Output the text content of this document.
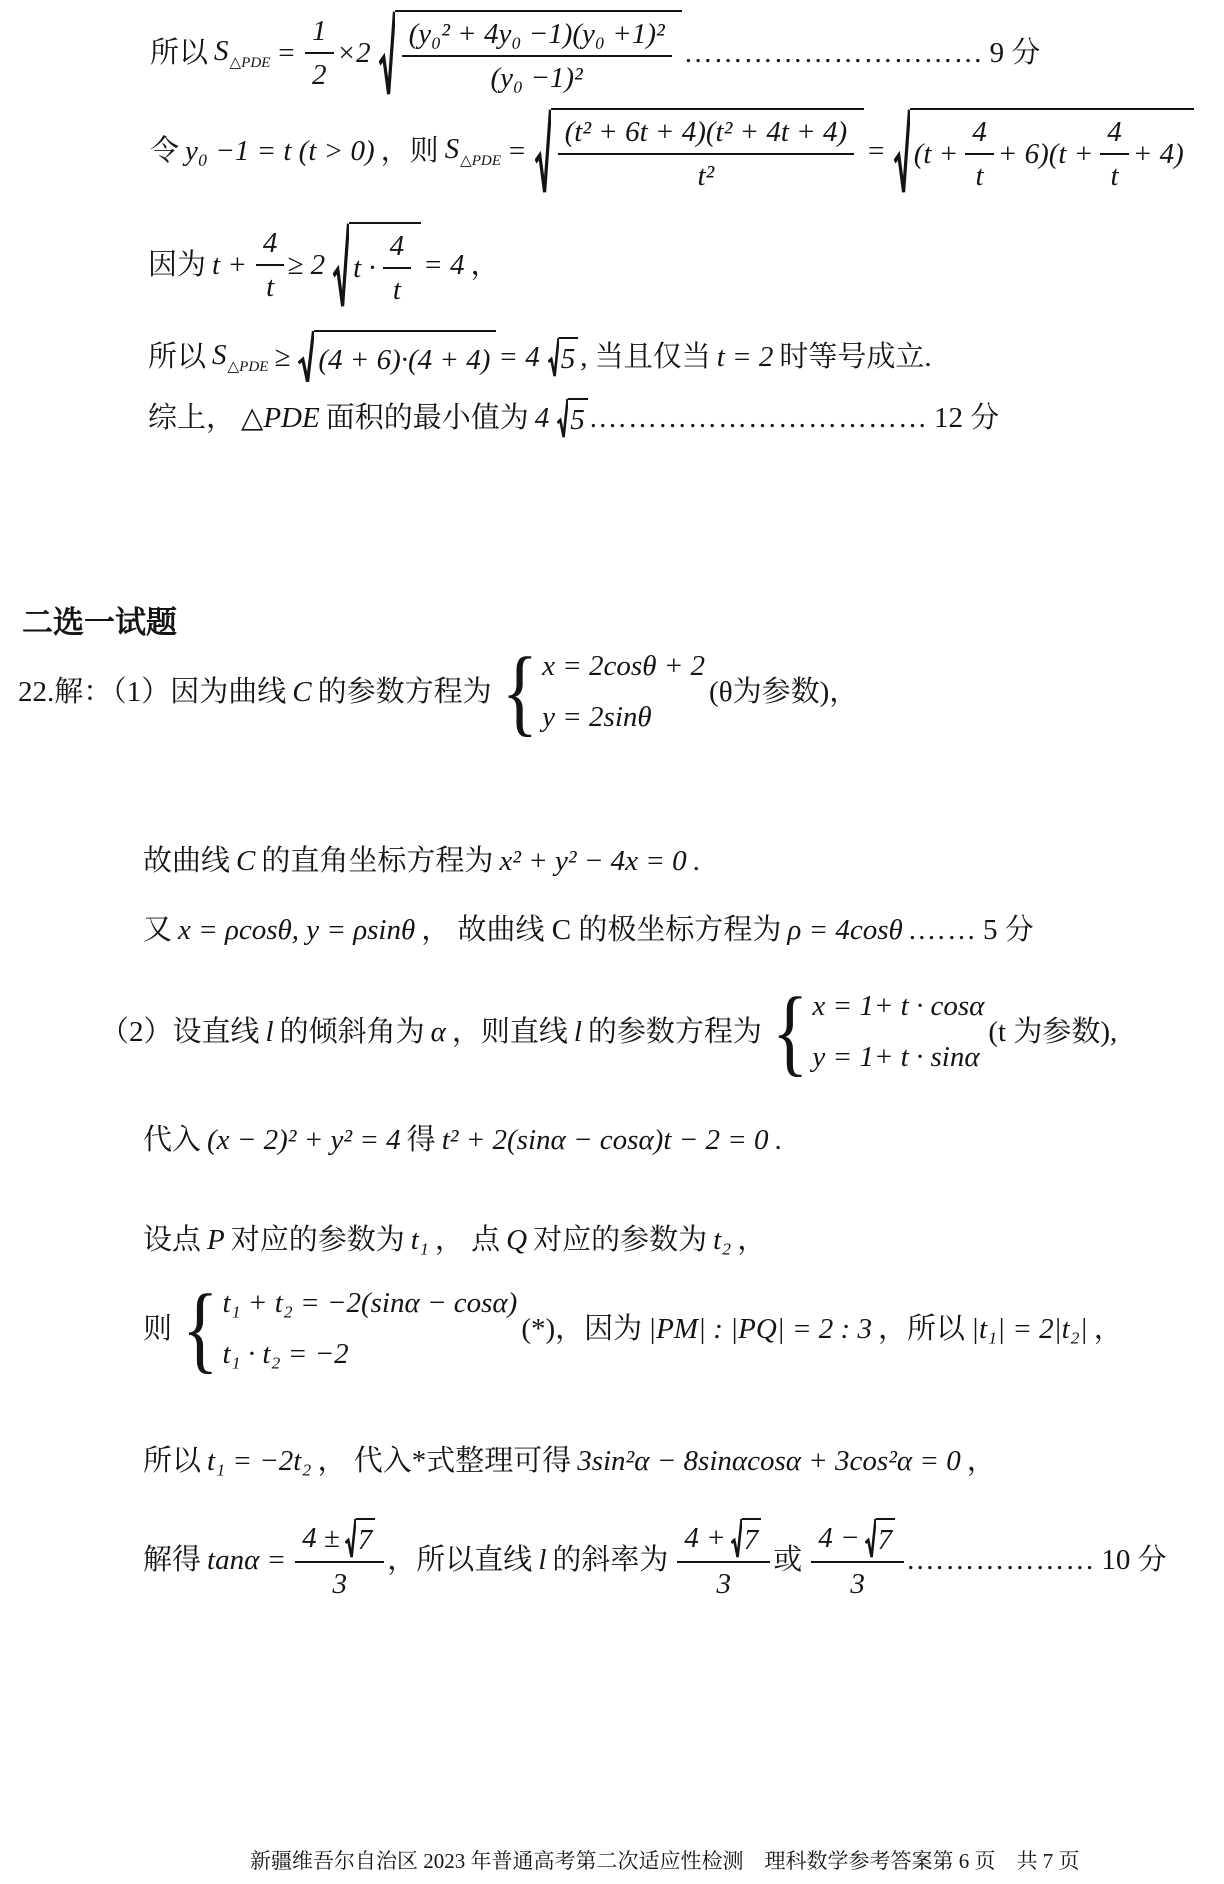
所以 $S_{\triangle PDE} = \frac{1}{2} \times 2 \frac{\text{(y₀² + 4y₀ −1)(y₀ +1)²}}{\text{(y₀ −1)²}}$ ………………………… 9 分
令 y₀ −1 = t (t > 0) ，则 $S_{\triangle PDE} = \frac{\text{(t² + 6t + 4)(t² + 4t + 4)}}{\text{t²}} = (t + \frac{4}{t} + 6)(t + \frac{4}{t} + 4)$
因为 $t + \frac{4}{t} \ge 2$ $t \cdot \frac{4}{t} = 4$ ，
所以 $S_{\triangle PDE} \ge (4 + 6)\cdot(4 + 4) = 4$ 5 , 当且仅当 t = 2 时等号成立.
综上， △PDE 面积的最小值为 4 5 .…………………………… 12 分
二选一试题
22.解：（1）因为曲线 C 的参数方程为 { x = 2cosθ + 2
y = 2sinθ
(θ为参数)，
故曲线 C 的直角坐标方程为 x² + y² − 4x = 0 .
又 x = ρcosθ, y = ρsinθ ， 故曲线 C 的极坐标方程为 ρ = 4cosθ .…… 5 分
（2）设直线 l 的倾斜角为 α ，则直线 l 的参数方程为 { x = 1+ t · cosα
y = 1+ t · sinα
(t 为参数),
代入 (x − 2)² + y² = 4 得 t² + 2(sinα − cosα)t − 2 = 0 .
设点 P 对应的参数为 t₁ ， 点 Q 对应的参数为 t₂ ，
则 { t₁ + t₂ = −2(sinα − cosα)
t₁ · t₂ = −2
(*)，因为 |PM| : |PQ| = 2 : 3 ，所以 |t₁| = 2|t₂| ，
所以 t₁ = −2t₂ ， 代入*式整理可得 3sin²α − 8sinαcosα + 3cos²α = 0 ，
解得 $\tan\alpha = \frac{4 \pm 7}{3}$ ，所以直线 l 的斜率为 $\frac{4 + 7}{3}$ 或 $\frac{4 - 7}{3}$ .……………… 10 分
新疆维吾尔自治区 2023 年普通高考第二次适应性检测　理科数学参考答案第 6 页　共 7 页
